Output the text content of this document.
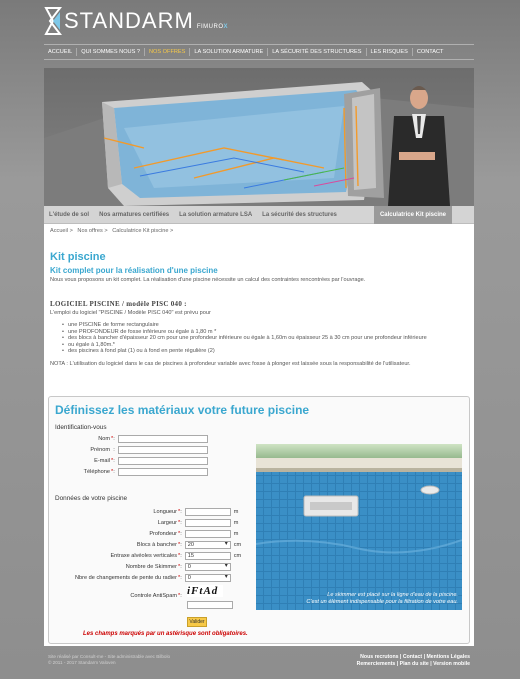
STANDARM FIMUROX
ACCUEIL	QUI SOMMES NOUS ?	NOS OFFRES	LA SOLUTION ARMATURE	LA SÉCURITÉ DES STRUCTURES	LES RISQUES	CONTACT
L'étude de sol	Nos armatures certifiées	La solution armature LSA	La sécurité des structures	Calculatrice Kit piscine
Accueil > Nos offres > Calculatrice Kit piscine >
Kit piscine
Kit complet pour la réalisation d'une piscine
Nous vous proposons un kit complet. La réalisation d'une piscine nécessite un calcul des contraintes rencontrées par l'ouvrage.
LOGICIEL PISCINE / modèle PISC 040 :
L'emploi du logiciel "PISCINE / Modèle PISC 040" est prévu pour
• une PISCINE de forme rectangulaire
• une PROFONDEUR de fosse inférieure ou égale à 1,80 m *
• des blocs à bancher d'épaisseur 20 cm pour une profondeur inférieure ou égale à 1,60m ou épaisseur 25 à 30 cm pour une profondeur inférieure
• ou égale à 1,80m.*
• des piscines à fond plat (1) ou à fond en pente régulière (2)
NOTA : L'utilisation du logiciel dans le cas de piscines à profondeur variable avec fosse à plonger est laissée sous la responsabilité de l'utilisateur.
Définissez les matériaux votre future piscine
Identification-vous
Nom * :
Prénom :
E-mail * :
Téléphone * :
Données de votre piscine
Longueur * :	m
Largeur * :	m
Profondeur * :	m
Blocs à bancher * :	20 ▾	cm
Entraxe alvéoles verticales * :	15	cm
Nombre de Skimmer * :	0 ▾
Nbre de changements de pente du radier * :	0 ▾
iFtAd
Controle AntiSpam * :
Valider
Les champs marqués par un astérisque sont obligatoires.
Le skimmer est placé sur la ligne d'eau de la piscine.
C'est un élément indispensable pour la filtration de votre eau.
Site réalisé par Consult-me - Site administrable avec Bilbolo
© 2011 - 2017 Standarm Valoven
Nous recrutons | Contact | Mentions Légales
Remerciements | Plan du site | Version mobile
